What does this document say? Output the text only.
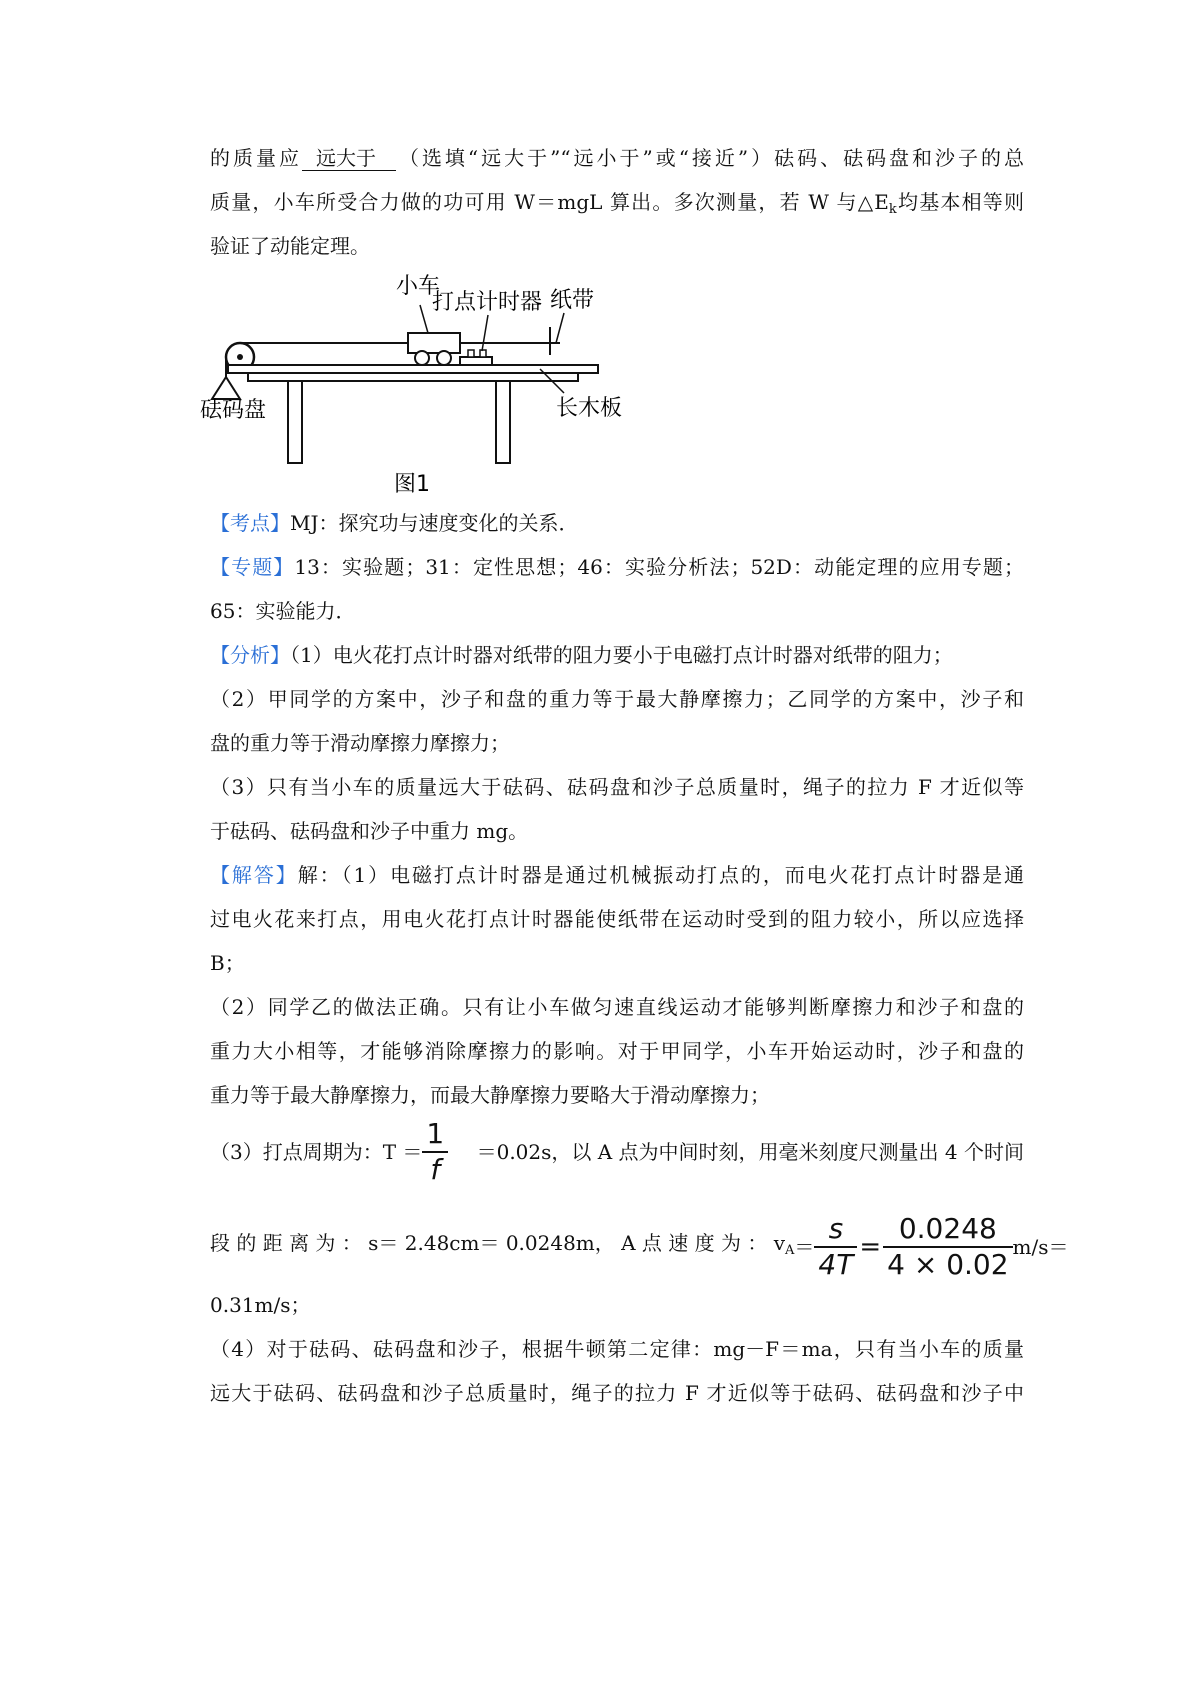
的质量应 远大于 （选填“远大于”“远小于”或“接近”）砝码、砝码盘和沙子的总
质量，小车所受合力做的功可用 W＝mgL 算出。多次测量，若 W 与$\triangle E_k$均基本相等则
验证了动能定理。
小车
打点计时器 纸带
砝码盘	长木板
图1
【考点】MJ：探究功与速度变化的关系．
【专题】13：实验题；31：定性思想；46：实验分析法；52D：动能定理的应用专题；
65：实验能力．
【分析】（1）电火花打点计时器对纸带的阻力要小于电磁打点计时器对纸带的阻力；
（2）甲同学的方案中，沙子和盘的重力等于最大静摩擦力；乙同学的方案中，沙子和
盘的重力等于滑动摩擦力摩擦力；
（3）只有当小车的质量远大于砝码、砝码盘和沙子总质量时，绳子的拉力 F 才近似等
于砝码、砝码盘和沙子中重力 mg。
【解答】解：（1）电磁打点计时器是通过机械振动打点的，而电火花打点计时器是通
过电火花来打点，用电火花打点计时器能使纸带在运动时受到的阻力较小，所以应选择
B；
（2）同学乙的做法正确。只有让小车做匀速直线运动才能够判断摩擦力和沙子和盘的
重力大小相等，才能够消除摩擦力的影响。对于甲同学，小车开始运动时，沙子和盘的
重力等于最大静摩擦力，而最大静摩擦力要略大于滑动摩擦力；
（3）打点周期为：$T = \frac{1}{f} =0.02s$，以 A 点为中间时刻，用毫米刻度尺测量出 4 个时间
段 的 距 离 为 ： s＝ 2.48cm＝ 0.0248m， A 点 速 度 为 ： $v_A = \frac{s}{4T} = \frac{0.0248}{4 \times 0.02} m/s=$
0.31m/s；
（4）对于砝码、砝码盘和沙子，根据牛顿第二定律：mg－F＝ma，只有当小车的质量
远大于砝码、砝码盘和沙子总质量时，绳子的拉力 F 才近似等于砝码、砝码盘和沙子中
